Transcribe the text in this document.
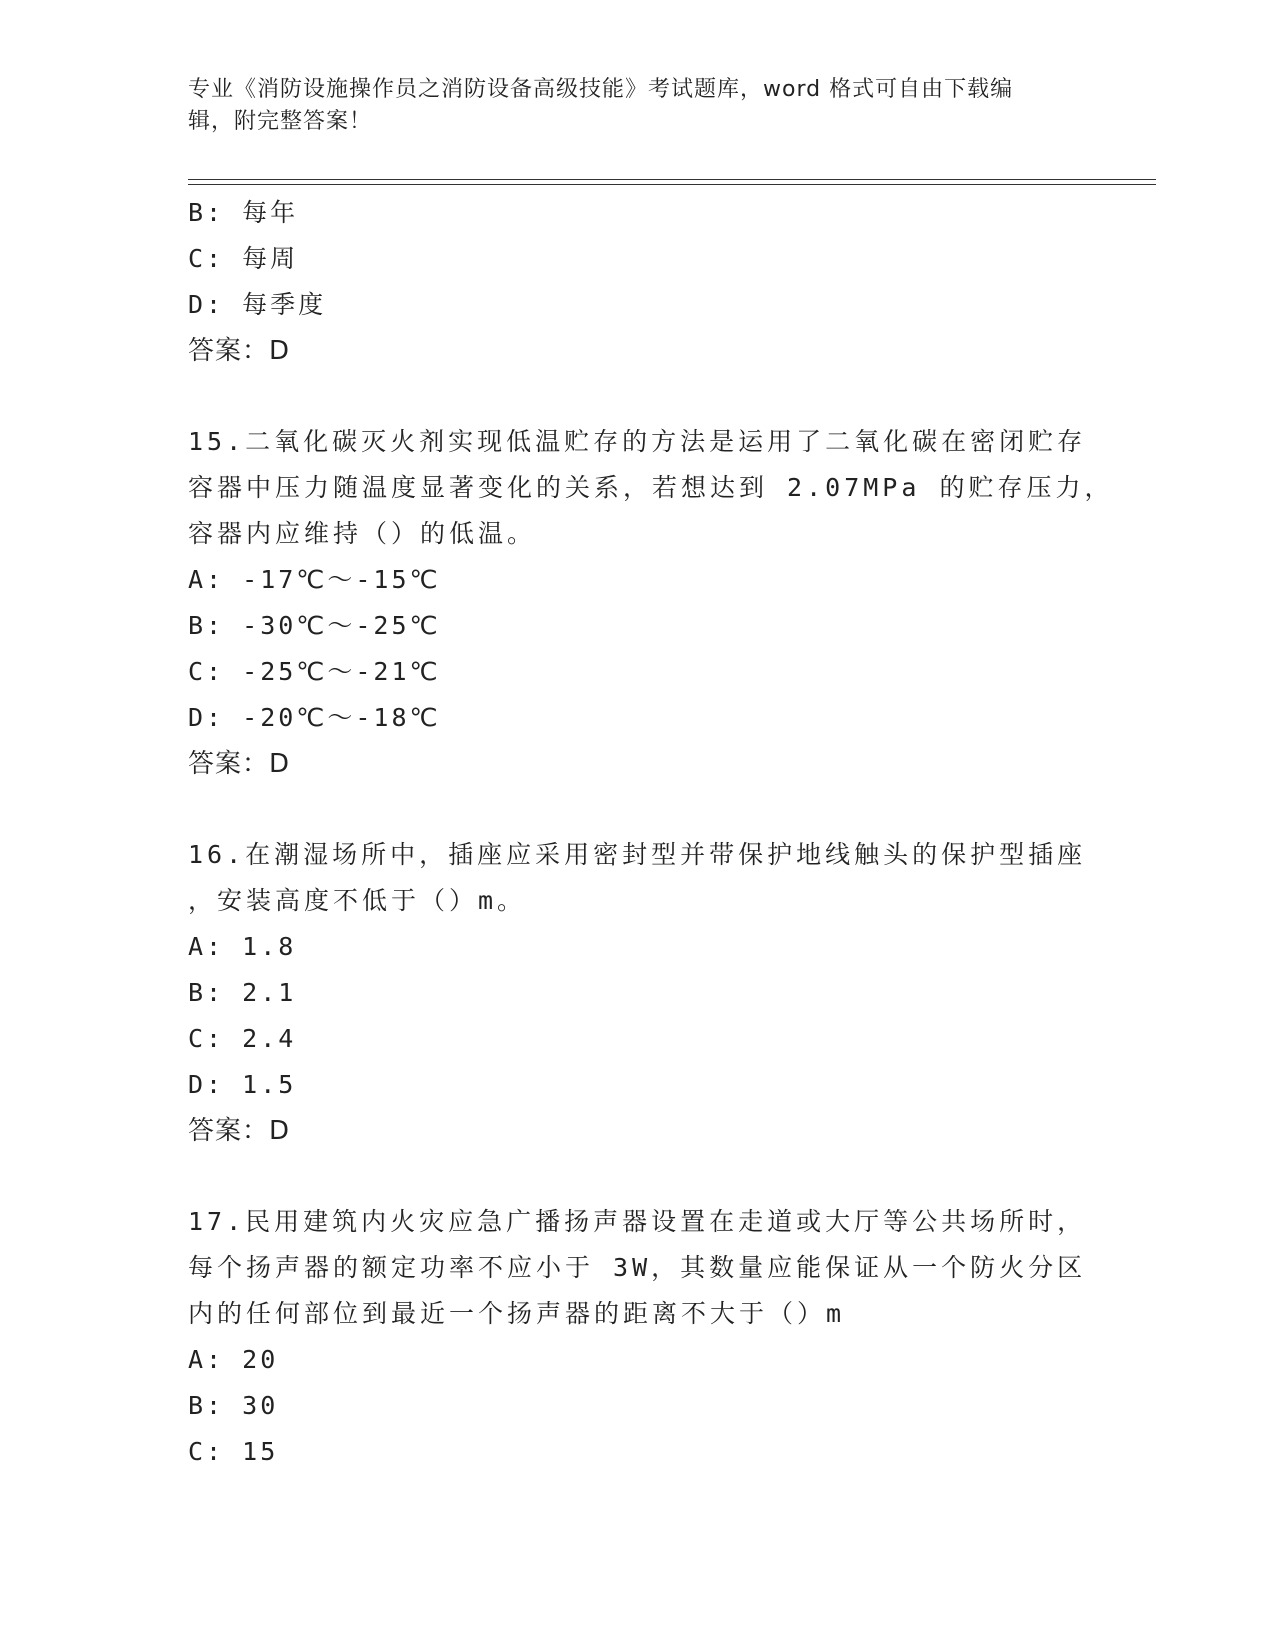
专业《消防设施操作员之消防设备高级技能》考试题库，word 格式可自由下载编
辑，附完整答案！
B: 每年
C: 每周
D: 每季度
答案：D
15.二氧化碳灭火剂实现低温贮存的方法是运用了二氧化碳在密闭贮存
容器中压力随温度显著变化的关系，若想达到 2.07MPa 的贮存压力，
容器内应维持（）的低温。
A: -17℃～-15℃
B: -30℃～-25℃
C: -25℃～-21℃
D: -20℃～-18℃
答案：D
16.在潮湿场所中，插座应采用密封型并带保护地线触头的保护型插座
，安装高度不低于（）m。
A: 1.8
B: 2.1
C: 2.4
D: 1.5
答案：D
17.民用建筑内火灾应急广播扬声器设置在走道或大厅等公共场所时，
每个扬声器的额定功率不应小于 3W，其数量应能保证从一个防火分区
内的任何部位到最近一个扬声器的距离不大于（）m
A: 20
B: 30
C: 15
